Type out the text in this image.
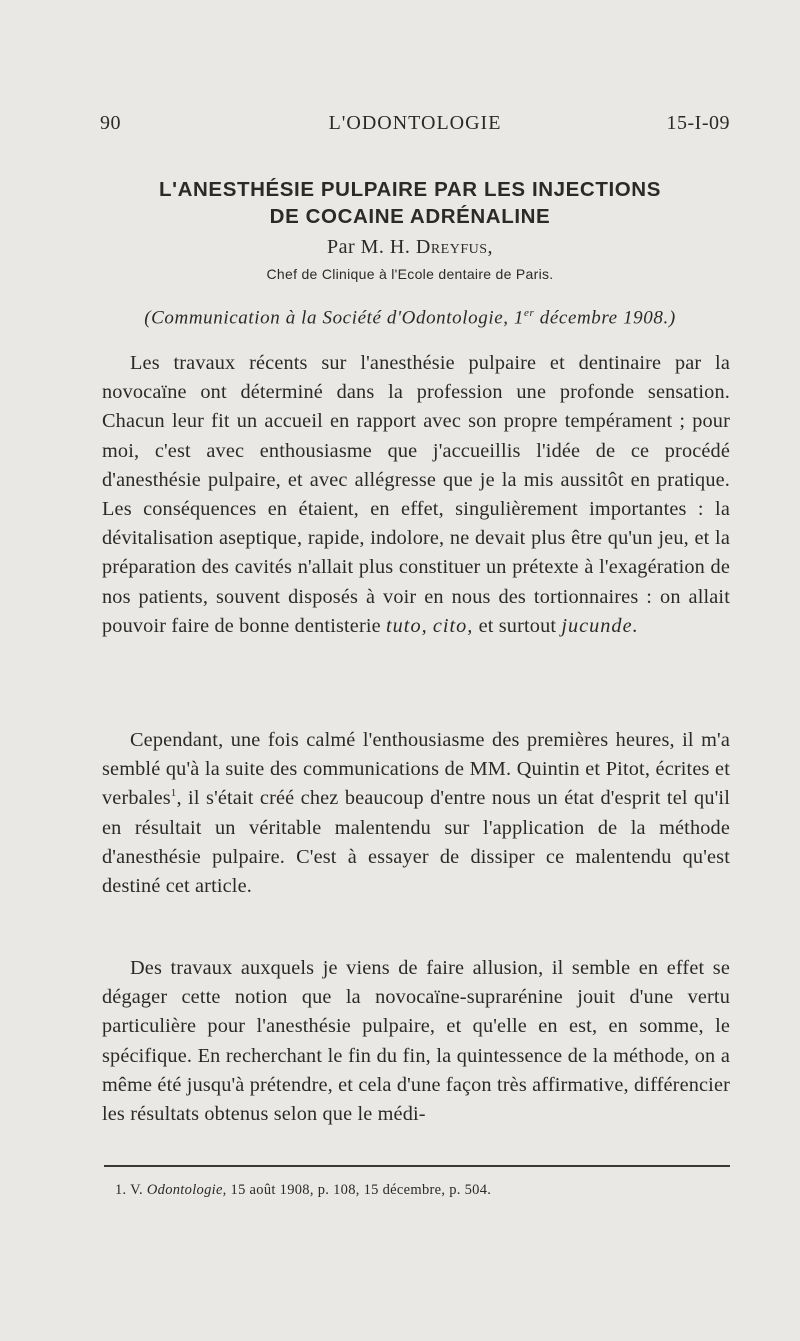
90	L'ODONTOLOGIE	15-I-09
L'ANESTHÉSIE PULPAIRE PAR LES INJECTIONS
DE COCAINE ADRÉNALINE
Par M. H. Dreyfus,
Chef de Clinique à l'Ecole dentaire de Paris.
(Communication à la Société d'Odontologie, 1er décembre 1908.)

Les travaux récents sur l'anesthésie pulpaire et dentinaire par la novocaïne ont déterminé dans la profession une profonde sensation. Chacun leur fit un accueil en rapport avec son propre tempérament ; pour moi, c'est avec enthousiasme que j'accueillis l'idée de ce procédé d'anesthésie pulpaire, et avec allégresse que je la mis aussitôt en pratique. Les conséquences en étaient, en effet, singulièrement importantes : la dévitalisation aseptique, rapide, indolore, ne devait plus être qu'un jeu, et la préparation des cavités n'allait plus constituer un prétexte à l'exagération de nos patients, souvent disposés à voir en nous des tortionnaires : on allait pouvoir faire de bonne dentisterie tuto, cito, et surtout jucunde.

Cependant, une fois calmé l'enthousiasme des premières heures, il m'a semblé qu'à la suite des communications de MM. Quintin et Pitot, écrites et verbales$^1$, il s'était créé chez beaucoup d'entre nous un état d'esprit tel qu'il en résultait un véritable malentendu sur l'application de la méthode d'anesthésie pulpaire. C'est à essayer de dissiper ce malentendu qu'est destiné cet article.

Des travaux auxquels je viens de faire allusion, il semble en effet se dégager cette notion que la novocaïne-suprarénine jouit d'une vertu particulière pour l'anesthésie pulpaire, et qu'elle en est, en somme, le spécifique. En recherchant le fin du fin, la quintessence de la méthode, on a même été jusqu'à prétendre, et cela d'une façon très affirmative, différencier les résultats obtenus selon que le médi-

1. V. Odontologie, 15 août 1908, p. 108, 15 décembre, p. 504.
